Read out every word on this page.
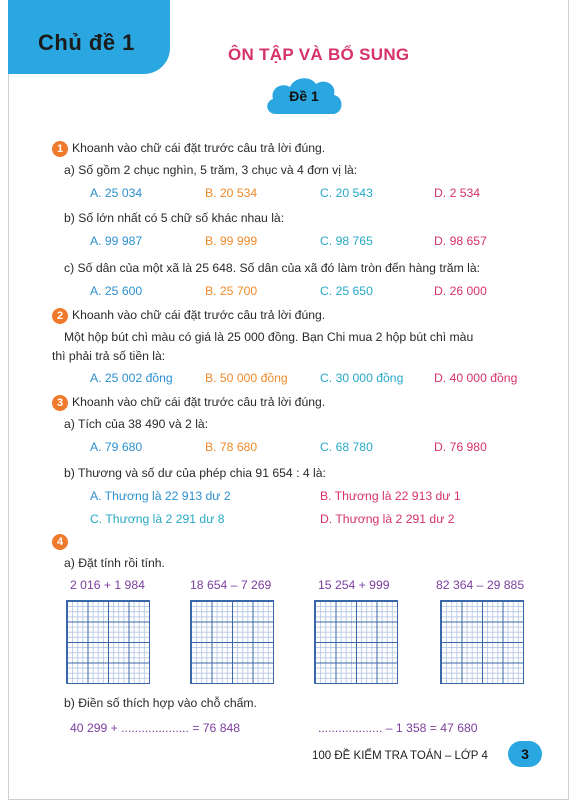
Chủ đề 1	ÔN TẬP VÀ BỔ SUNG
Đề 1
1 Khoanh vào chữ cái đặt trước câu trả lời đúng.
a) Số gồm 2 chục nghìn, 5 trăm, 3 chục và 4 đơn vị là:
A. 25 034	B. 20 534	C. 20 543	D. 2 534
b) Số lớn nhất có 5 chữ số khác nhau là:
A. 99 987	B. 99 999	C. 98 765	D. 98 657
c) Số dân của một xã là 25 648. Số dân của xã đó làm tròn đến hàng trăm là:
A. 25 600	B. 25 700	C. 25 650	D. 26 000
2 Khoanh vào chữ cái đặt trước câu trả lời đúng.
Một hộp bút chì màu có giá là 25 000 đồng. Bạn Chi mua 2 hộp bút chì màu
thì phải trả số tiền là:
A. 25 002 đồng	B. 50 000 đồng	C. 30 000 đồng	D. 40 000 đồng
3 Khoanh vào chữ cái đặt trước câu trả lời đúng.
a) Tích của 38 490 và 2 là:
A. 79 680	B. 78 680	C. 68 780	D. 76 980
b) Thương và số dư của phép chia 91 654 : 4 là:
A. Thương là 22 913 dư 2	B. Thương là 22 913 dư 1
C. Thương là 2 291 dư 8	D. Thương là 2 291 dư 2
4
a) Đặt tính rồi tính.
2 016 + 1 984	18 654 – 7 269	15 254 + 999	82 364 – 29 885
b) Điền số thích hợp vào chỗ chấm.
40 299 + .................... = 76 848	................... – 1 358 = 47 680
100 ĐỀ KIỂM TRA TOÁN – LỚP 4	3
